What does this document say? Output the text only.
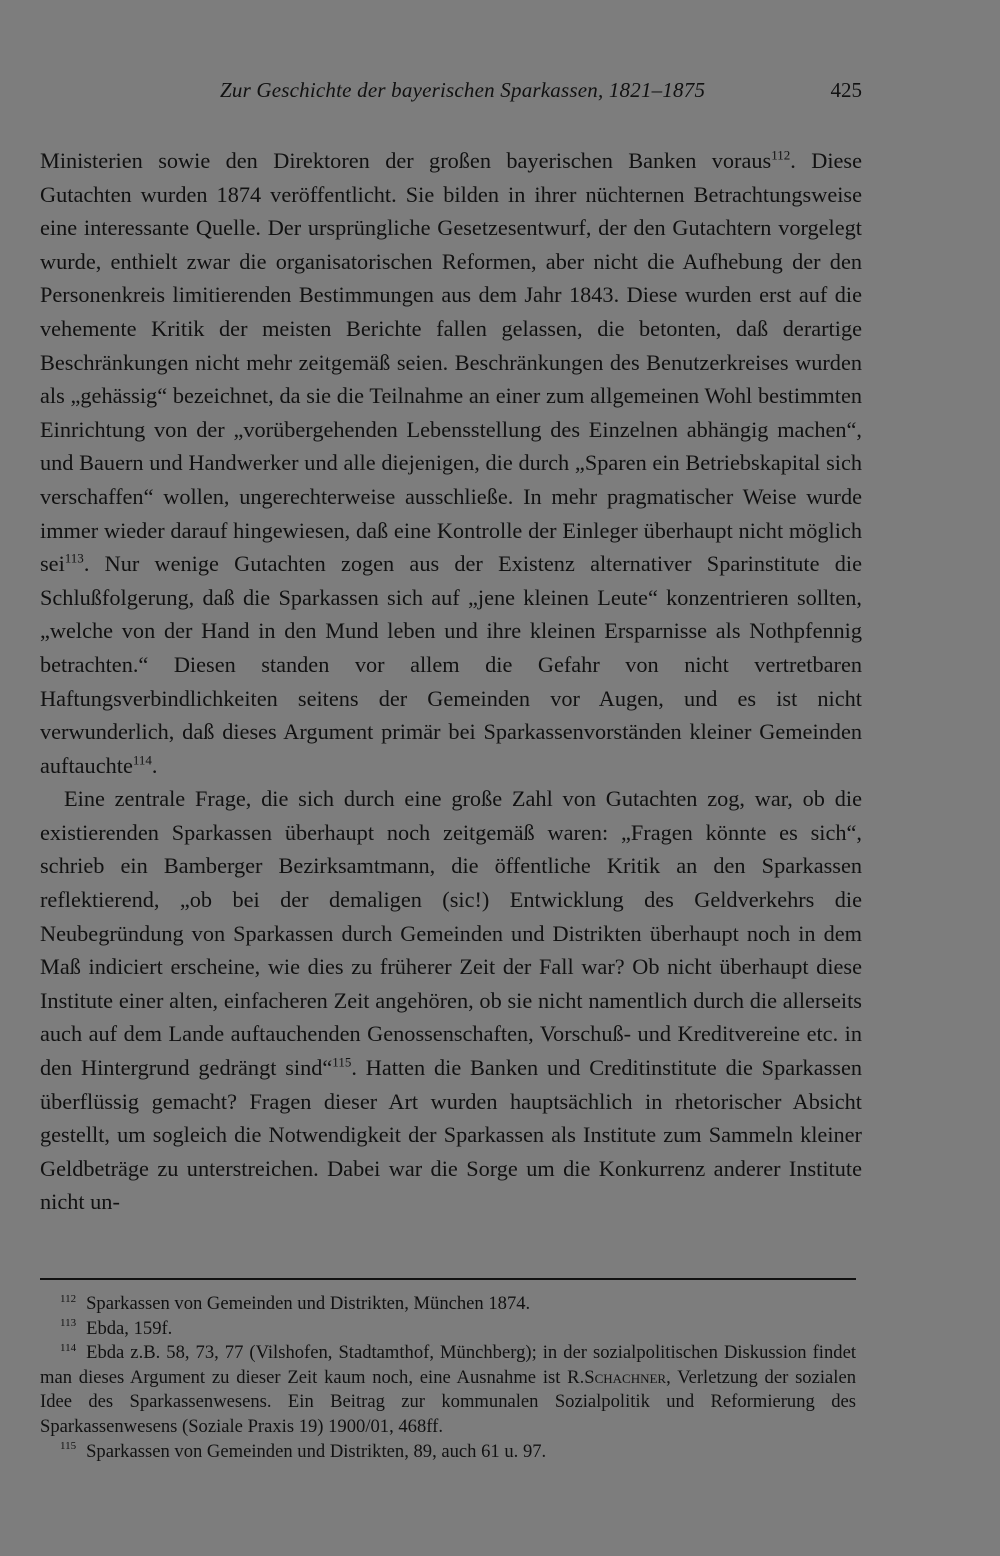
Zur Geschichte der bayerischen Sparkassen, 1821–1875	425

Ministerien sowie den Direktoren der großen bayerischen Banken voraus$^{112}$. Diese Gutachten wurden 1874 veröffentlicht. Sie bilden in ihrer nüchternen Betrachtungsweise eine interessante Quelle. Der ursprüngliche Gesetzesentwurf, der den Gutachtern vorgelegt wurde, enthielt zwar die organisatorischen Reformen, aber nicht die Aufhebung der den Personenkreis limitierenden Bestimmungen aus dem Jahr 1843. Diese wurden erst auf die vehemente Kritik der meisten Berichte fallen gelassen, die betonten, daß derartige Beschränkungen nicht mehr zeitgemäß seien. Beschränkungen des Benutzerkreises wurden als „gehässig“ bezeichnet, da sie die Teilnahme an einer zum allgemeinen Wohl bestimmten Einrichtung von der „vorübergehenden Lebensstellung des Einzelnen abhängig machen“, und Bauern und Handwerker und alle diejenigen, die durch „Sparen ein Betriebskapital sich verschaffen“ wollen, ungerechterweise ausschließe. In mehr pragmatischer Weise wurde immer wieder darauf hingewiesen, daß eine Kontrolle der Einleger überhaupt nicht möglich sei$^{113}$. Nur wenige Gutachten zogen aus der Existenz alternativer Sparinstitute die Schlußfolgerung, daß die Sparkassen sich auf „jene kleinen Leute“ konzentrieren sollten, „welche von der Hand in den Mund leben und ihre kleinen Ersparnisse als Nothpfennig betrachten.“ Diesen standen vor allem die Gefahr von nicht vertretbaren Haftungsverbindlichkeiten seitens der Gemeinden vor Augen, und es ist nicht verwunderlich, daß dieses Argument primär bei Sparkassenvorständen kleiner Gemeinden auftauchte$^{114}$.

Eine zentrale Frage, die sich durch eine große Zahl von Gutachten zog, war, ob die existierenden Sparkassen überhaupt noch zeitgemäß waren: „Fragen könnte es sich“, schrieb ein Bamberger Bezirksamtmann, die öffentliche Kritik an den Sparkassen reflektierend, „ob bei der demaligen (sic!) Entwicklung des Geldverkehrs die Neubegründung von Sparkassen durch Gemeinden und Distrikten überhaupt noch in dem Maß indiciert erscheine, wie dies zu früherer Zeit der Fall war? Ob nicht überhaupt diese Institute einer alten, einfacheren Zeit angehören, ob sie nicht namentlich durch die allerseits auch auf dem Lande auftauchenden Genossenschaften, Vorschuß- und Kreditvereine etc. in den Hintergrund gedrängt sind“$^{115}$. Hatten die Banken und Creditinstitute die Sparkassen überflüssig gemacht? Fragen dieser Art wurden hauptsächlich in rhetorischer Absicht gestellt, um sogleich die Notwendigkeit der Sparkassen als Institute zum Sammeln kleiner Geldbeträge zu unterstreichen. Dabei war die Sorge um die Konkurrenz anderer Institute nicht un-

$^{112}$ Sparkassen von Gemeinden und Distrikten, München 1874.

$^{113}$ Ebda, 159f.

$^{114}$ Ebda z.B. 58, 73, 77 (Vilshofen, Stadtamthof, Münchberg); in der sozialpolitischen Diskussion findet man dieses Argument zu dieser Zeit kaum noch, eine Ausnahme ist R.Schachner, Verletzung der sozialen Idee des Sparkassenwesens. Ein Beitrag zur kommunalen Sozialpolitik und Reformierung des Sparkassenwesens (Soziale Praxis 19) 1900/01, 468ff.

$^{115}$ Sparkassen von Gemeinden und Distrikten, 89, auch 61 u. 97.
